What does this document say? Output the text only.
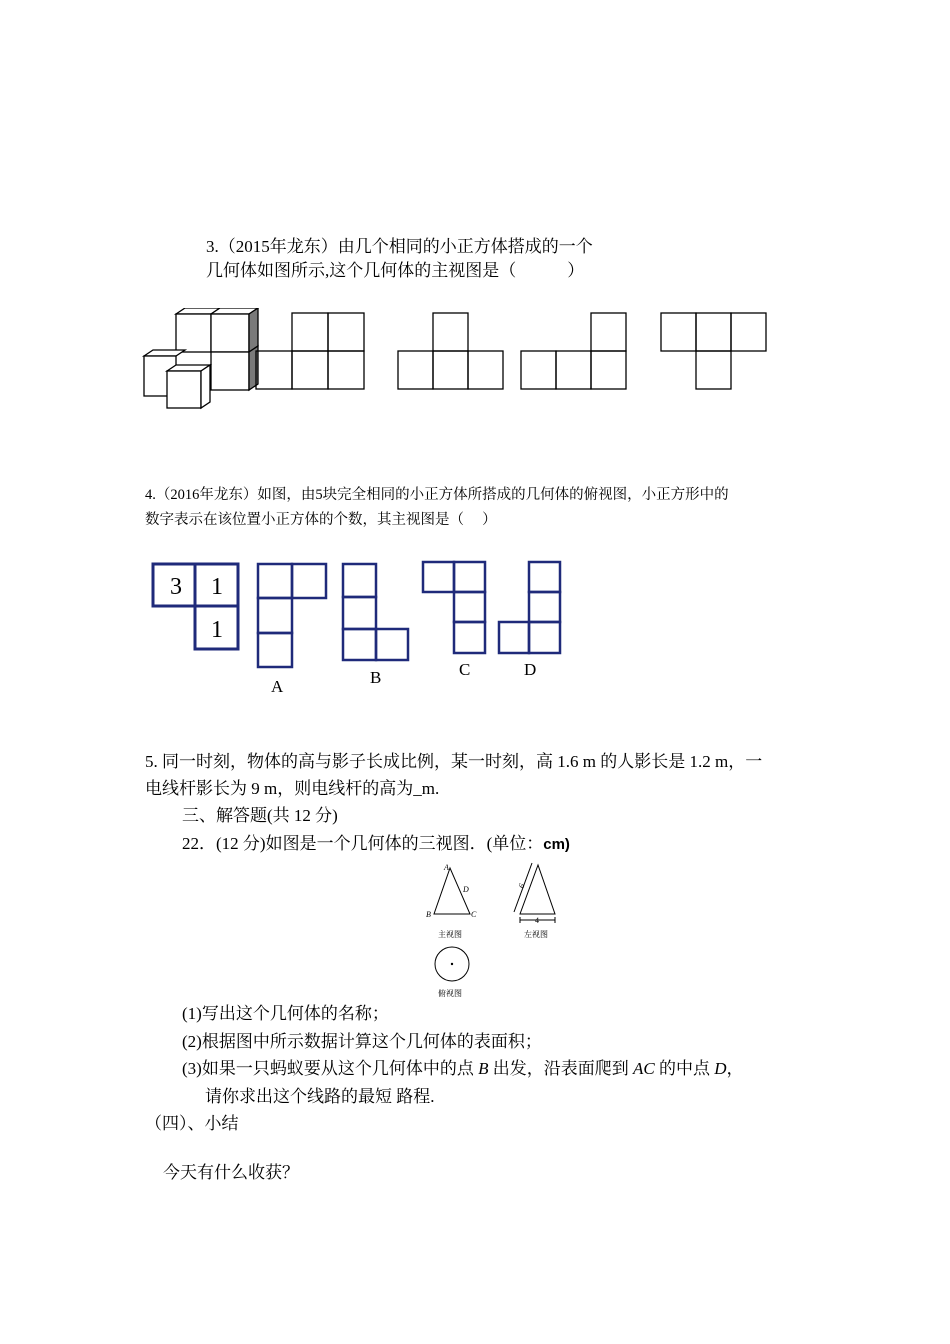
3.（2015年龙东）由几个相同的小正方体搭成的一个
几何体如图所示,这个几何体的主视图是（　　　）
4.（2016年龙东）如图，由5块完全相同的小正方体所搭成的几何体的俯视图，小正方形中的
数字表示在该位置小正方体的个数，其主视图是（　 ）
3 1
1
A	B	C	D
5. 同一时刻，物体的高与影子长成比例，某一时刻，高 1.6 m 的人影长是 1.2 m，一
电线杆影长为 9 m，则电线杆的高为_m.
三、解答题(共 12 分)
22．(12 分)如图是一个几何体的三视图．(单位：cm)
A
B	C
D
主视图
6
4
左视图
俯视图
(1)写出这个几何体的名称；
(2)根据图中所示数据计算这个几何体的表面积；
(3)如果一只蚂蚁要从这个几何体中的点 B 出发，沿表面爬到 AC 的中点 D，
请你求出这个线路的最短 路程.
（四）、小结
今天有什么收获？
